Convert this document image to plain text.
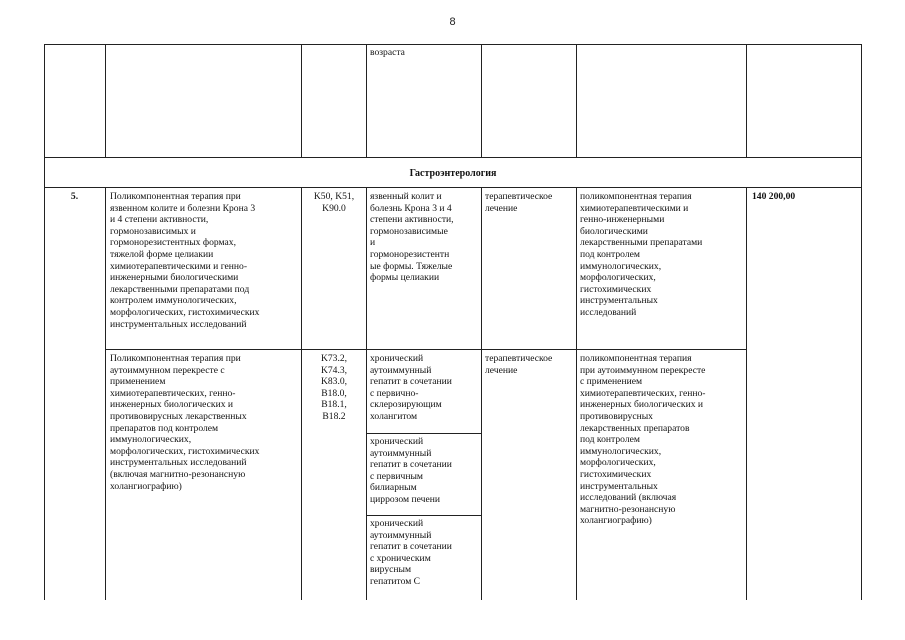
8
возраста
Гастроэнтерология
5.	140 200,00
Поликомпонентная терапия при
язвенном колите и болезни Крона 3
и 4 степени активности,
гормонозависимых и
гормонорезистентных формах,
тяжелой форме целиакии
химиотерапевтическими и генно-
инженерными биологическими
лекарственными препаратами под
контролем иммунологических,
морфологических, гистохимических
инструментальных исследований
K50, K51,
K90.0
язвенный колит и
болезнь Крона 3 и 4
степени активности,
гормонозависимые
и
гормонорезистентн
ые формы. Тяжелые
формы целиакии
терапевтическое
лечение
поликомпонентная терапия
химиотерапевтическими и
генно-инженерными
биологическими
лекарственными препаратами
под контролем
иммунологических,
морфологических,
гистохимических
инструментальных
исследований
Поликомпонентная терапия при
аутоиммунном перекресте с
применением
химиотерапевтических, генно-
инженерных биологических и
противовирусных лекарственных
препаратов под контролем
иммунологических,
морфологических, гистохимических
инструментальных исследований
(включая магнитно-резонансную
холангиографию)
K73.2,
K74.3,
K83.0,
B18.0,
B18.1,
B18.2
хронический
аутоиммунный
гепатит в сочетании
с первично-
склерозирующим
холангитом
хронический
аутоиммунный
гепатит в сочетании
с первичным
билиарным
циррозом печени
хронический
аутоиммунный
гепатит в сочетании
с хроническим
вирусным
гепатитом С
терапевтическое
лечение
поликомпонентная терапия
при аутоиммунном перекресте
с применением
химиотерапевтических, генно-
инженерных биологических и
противовирусных
лекарственных препаратов
под контролем
иммунологических,
морфологических,
гистохимических
инструментальных
исследований (включая
магнитно-резонансную
холангиографию)
